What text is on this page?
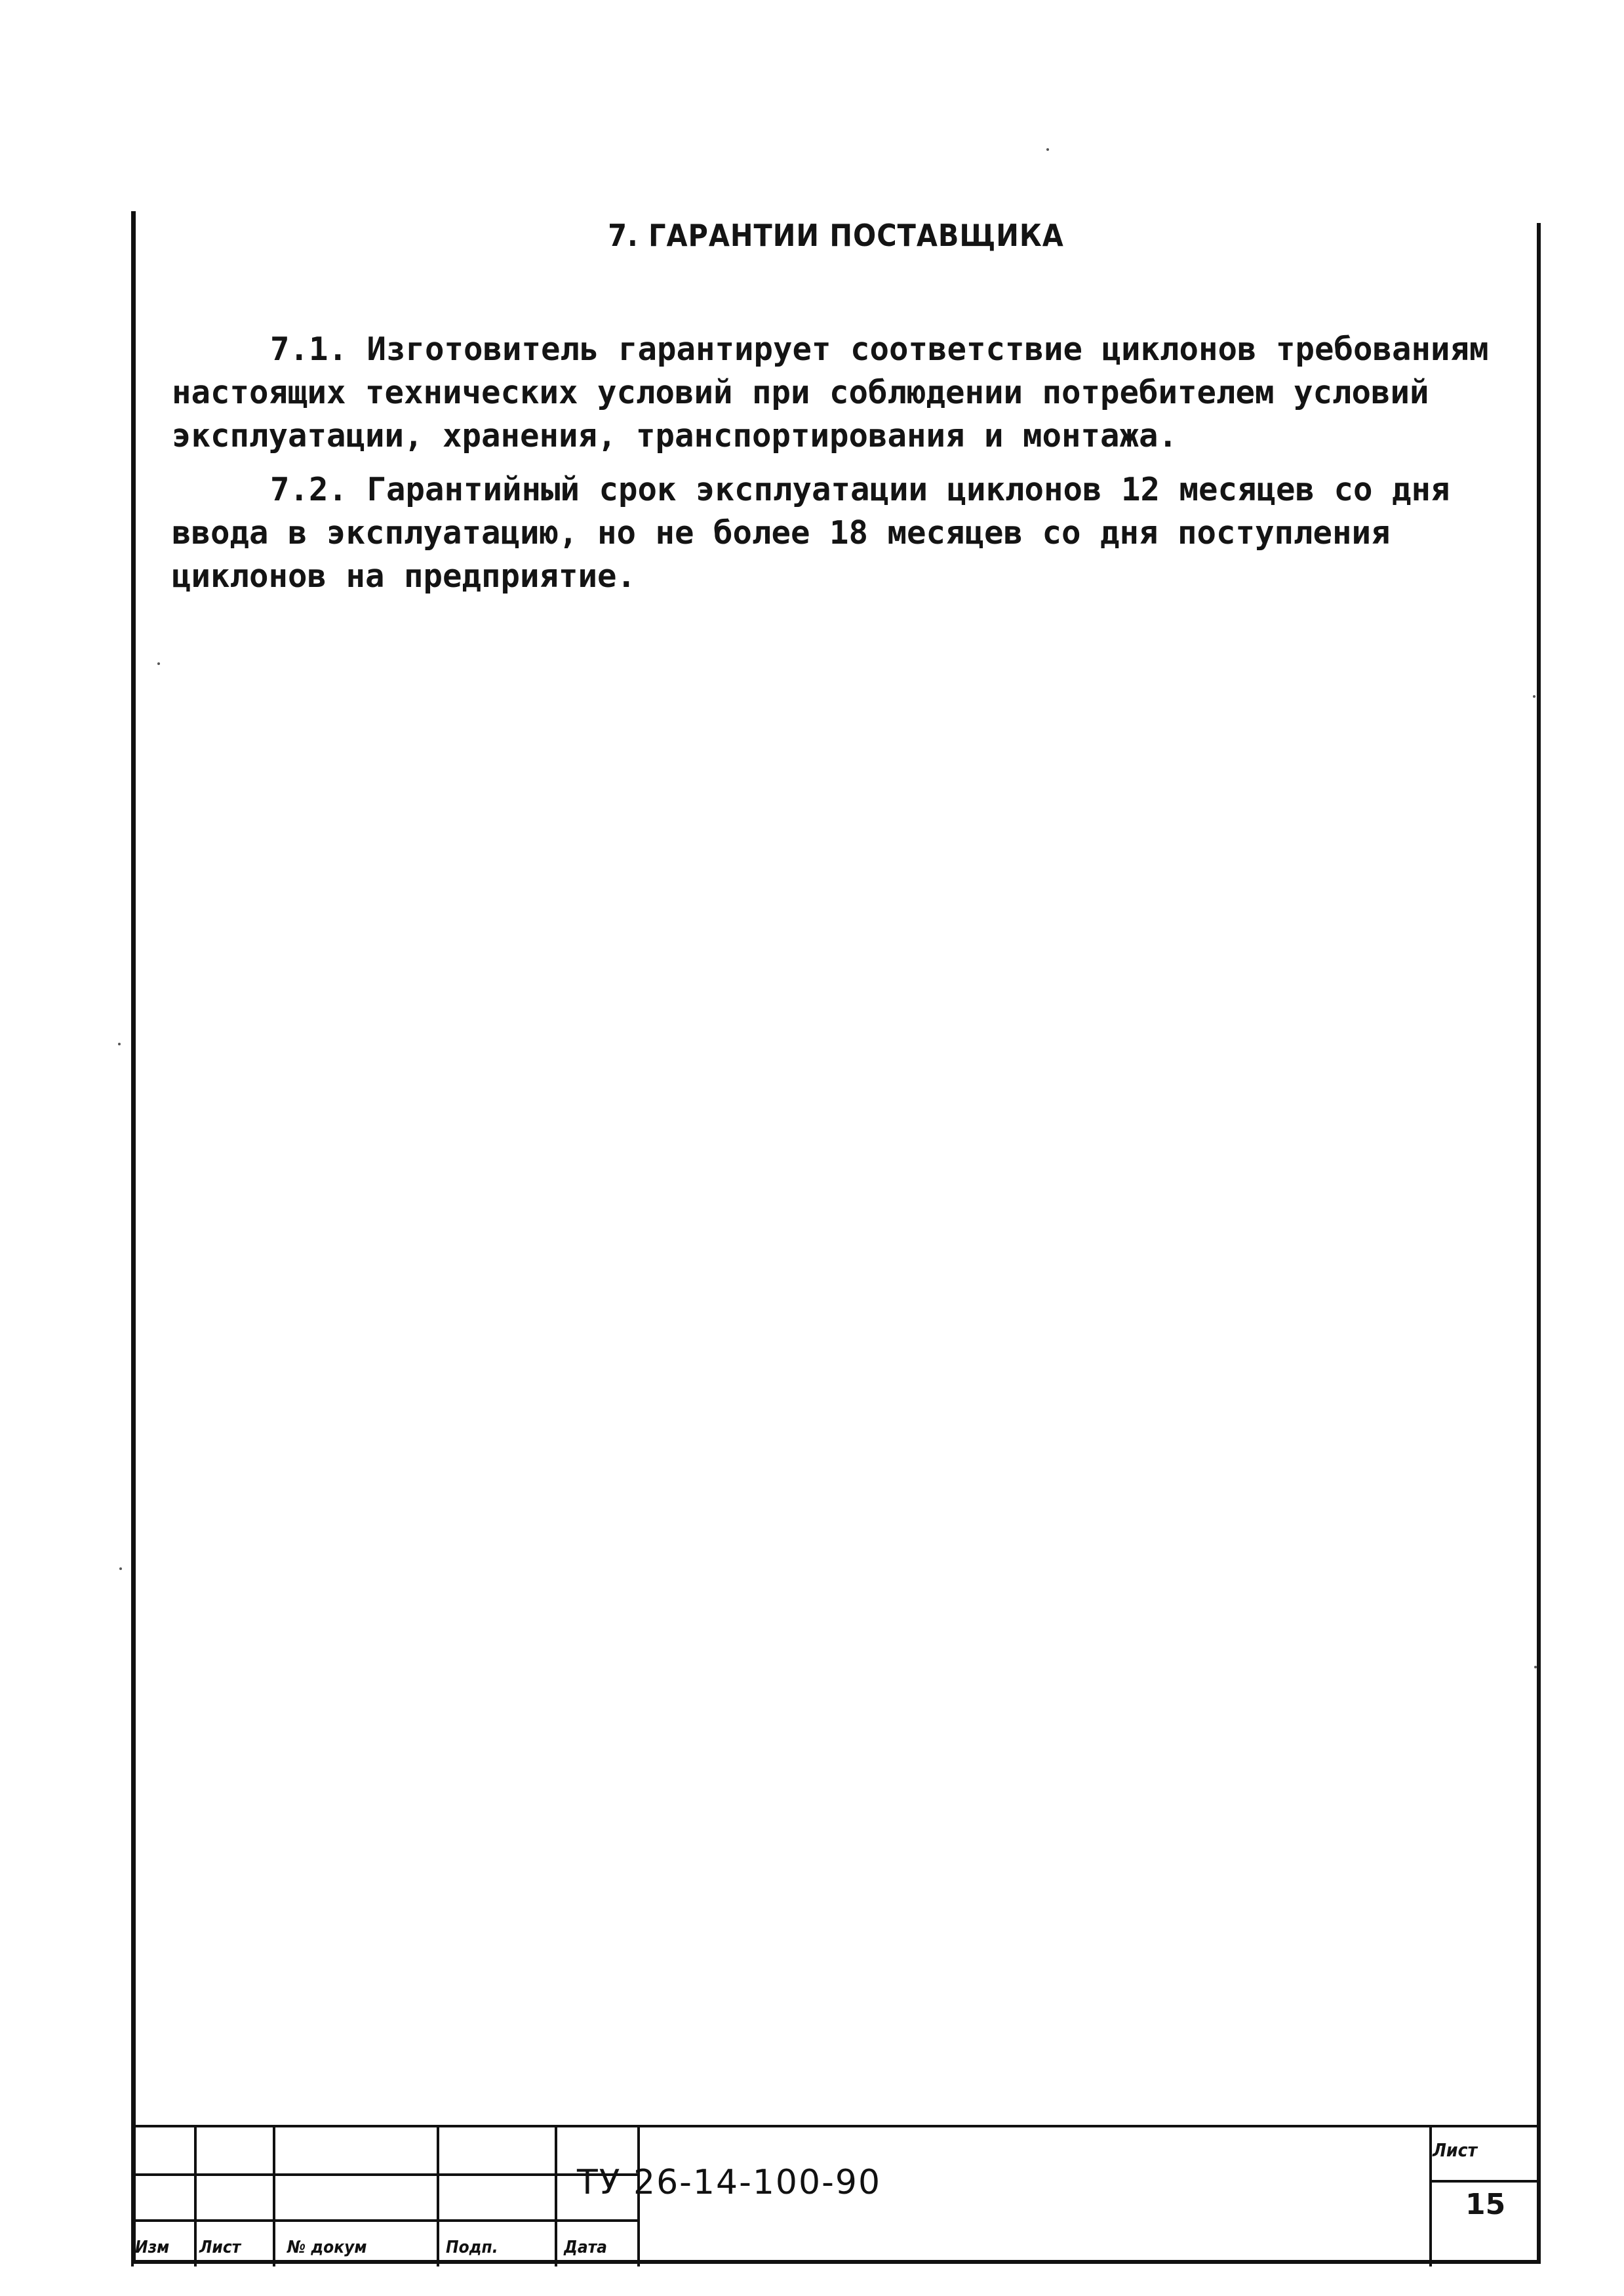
7. ГАРАНТИИ ПОСТАВЩИКА

7.1. Изготовитель гарантирует соответствие циклонов требованиям настоящих технических условий при соблюдении потребителем условий эксплуатации, хранения, транспортирования и монтажа.

7.2. Гарантийный срок эксплуатации циклонов 12 месяцев со дня ввода в эксплуатацию, но не более 18 месяцев со дня поступления циклонов на предприятие.

Изм Лист	№ докум	Подп.	Дата
ТУ 26-14-100-90
Лист
15
